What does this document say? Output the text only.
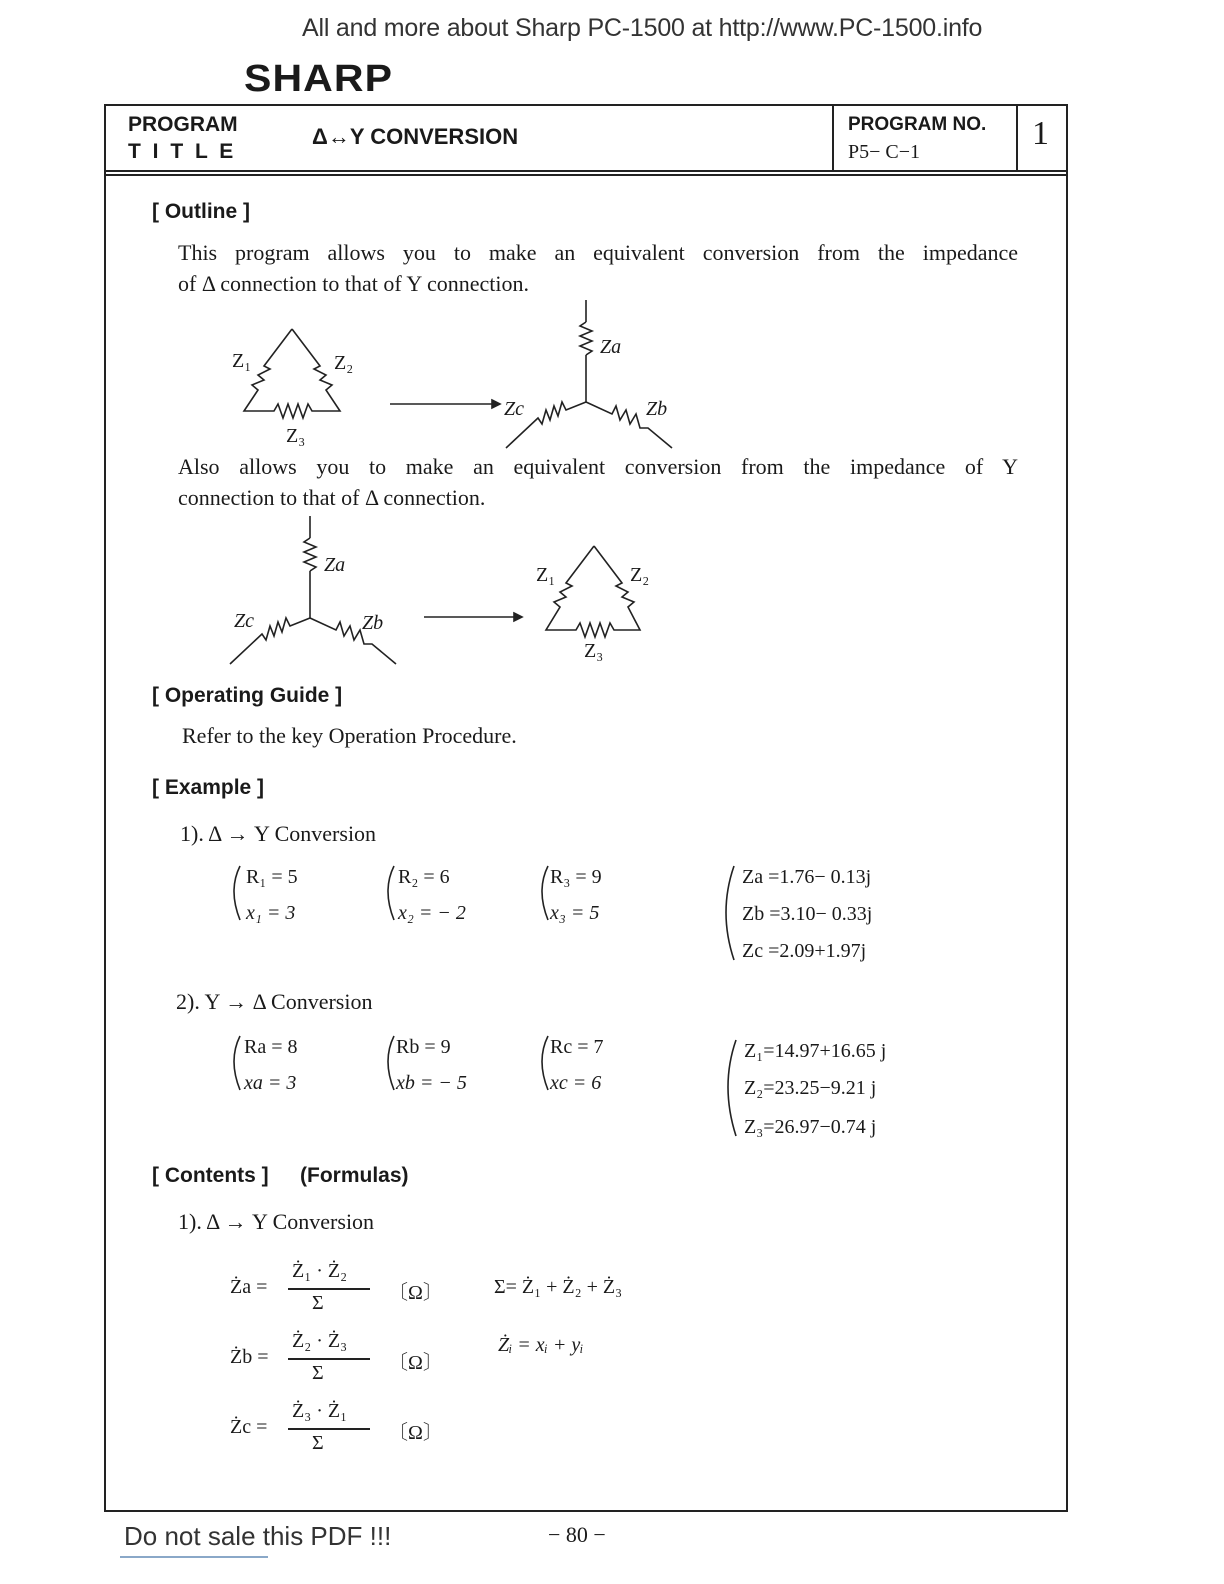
All and more about Sharp PC-1500 at http://www.PC-1500.info
SHARP
PROGRAM
T I T L E
Δ↔Y CONVERSION	PROGRAM NO.
P5− C−1	1
[ Outline ]
This program allows you to make an equivalent conversion from the impedance
of Δ connection to that of Y connection.
Z₁	Z₂
Z₃
Za
Zc	Zb
Also allows you to make an equivalent conversion from the impedance of Y
connection to that of Δ connection.
Za
Zc	Zb
Z₁	Z₂
Z₃
[ Operating Guide ]
Refer to the key Operation Procedure.
[ Example ]
1). Δ → Y Conversion
R₁ = 5
x₁ = 3
R₂ = 6
x₂ = − 2
R₃ = 9
x₃ = 5
Za =1.76− 0.13j
Zb =3.10− 0.33j
Zc =2.09+1.97j
2). Y → Δ Conversion
Ra = 8
xa = 3
Rb = 9
xb = − 5
Rc = 7
xc = 6
Z₁=14.97+16.65 j
Z₂=23.25−9.21 j
Z₃=26.97−0.74 j
[ Contents ] (Formulas)
1). Δ → Y Conversion
Ża =
Ż₁ · Ż₂
Σ	〔Ω〕
Żb =
Ż₂ · Ż₃
Σ	〔Ω〕
Żc =
Ż₃ · Ż₁
Σ	〔Ω〕
Σ= Ż₁ + Ż₂ + Ż₃
Żᵢ = xᵢ + yᵢ
Do not sale this PDF !!!	− 80 −
